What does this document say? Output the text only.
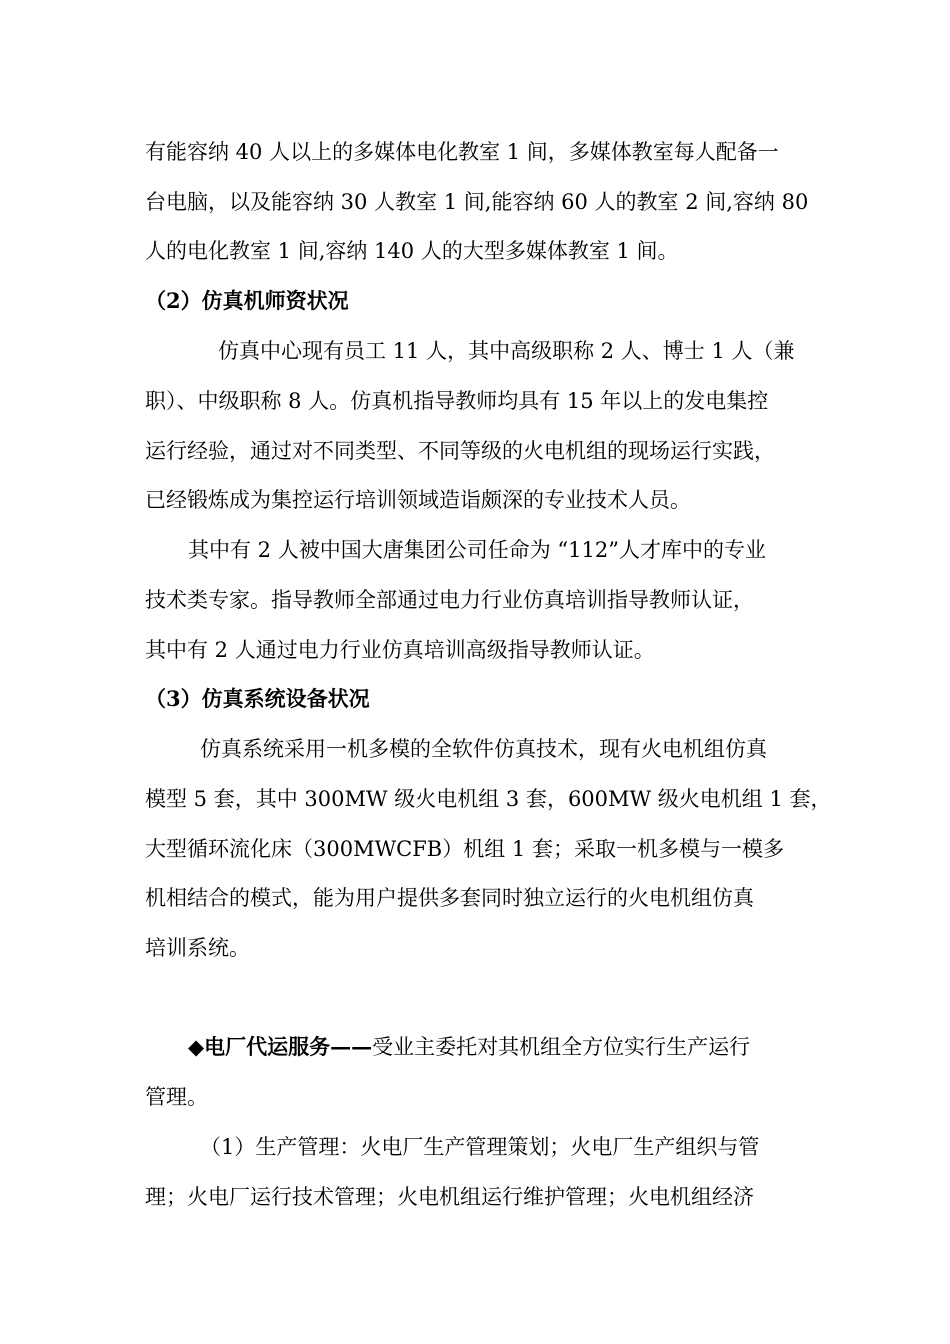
有能容纳 40 人以上的多媒体电化教室 1 间，多媒体教室每人配备一
台电脑，以及能容纳 30 人教室 1 间,能容纳 60 人的教室 2 间,容纳 80
人的电化教室 1 间,容纳 140 人的大型多媒体教室 1 间。
（2）仿真机师资状况
仿真中心现有员工 11 人，其中高级职称 2 人、博士 1 人（兼
职）、中级职称 8 人。仿真机指导教师均具有 15 年以上的发电集控
运行经验，通过对不同类型、不同等级的火电机组的现场运行实践，
已经锻炼成为集控运行培训领域造诣颇深的专业技术人员。
其中有 2 人被中国大唐集团公司任命为 “112”人才库中的专业
技术类专家。指导教师全部通过电力行业仿真培训指导教师认证，
其中有 2 人通过电力行业仿真培训高级指导教师认证。
（3）仿真系统设备状况
仿真系统采用一机多模的全软件仿真技术，现有火电机组仿真
模型 5 套，其中 300MW 级火电机组 3 套，600MW 级火电机组 1 套，
大型循环流化床（300MWCFB）机组 1 套；采取一机多模与一模多
机相结合的模式，能为用户提供多套同时独立运行的火电机组仿真
培训系统。
◆电厂代运服务——受业主委托对其机组全方位实行生产运行
管理。
（1）生产管理：火电厂生产管理策划；火电厂生产组织与管
理；火电厂运行技术管理；火电机组运行维护管理；火电机组经济
